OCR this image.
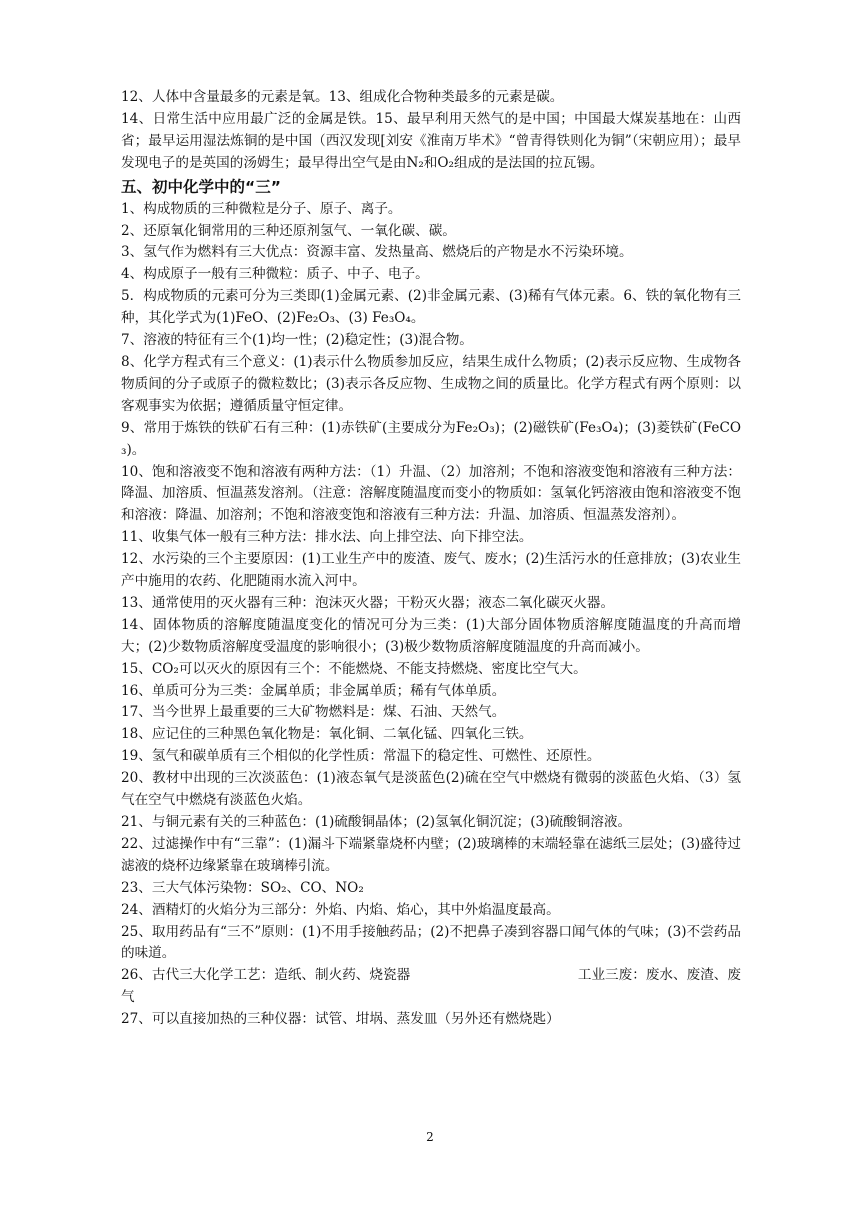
12、人体中含量最多的元素是氧。13、组成化合物种类最多的元素是碳。

14、日常生活中应用最广泛的金属是铁。15、最早利用天然气的是中国；中国最大煤炭基地在：山西省；最早运用湿法炼铜的是中国（西汉发现[刘安《淮南万毕术》“曾青得铁则化为铜”（宋朝应用）；最早发现电子的是英国的汤姆生；最早得出空气是由N₂和O₂组成的是法国的拉瓦锡。

五、初中化学中的“三”

1、构成物质的三种微粒是分子、原子、离子。

2、还原氧化铜常用的三种还原剂氢气、一氧化碳、碳。

3、氢气作为燃料有三大优点：资源丰富、发热量高、燃烧后的产物是水不污染环境。

4、构成原子一般有三种微粒：质子、中子、电子。

5．构成物质的元素可分为三类即(1)金属元素、(2)非金属元素、(3)稀有气体元素。6、铁的氧化物有三种，其化学式为(1)FeO、(2)Fe₂O₃、(3) Fe₃O₄。

7、溶液的特征有三个(1)均一性；(2)稳定性；(3)混合物。

8、化学方程式有三个意义：(1)表示什么物质参加反应，结果生成什么物质；(2)表示反应物、生成物各物质间的分子或原子的微粒数比；(3)表示各反应物、生成物之间的质量比。化学方程式有两个原则：以客观事实为依据；遵循质量守恒定律。

9、常用于炼铁的铁矿石有三种：(1)赤铁矿(主要成分为Fe₂O₃)；(2)磁铁矿(Fe₃O₄)；(3)菱铁矿(FeCO₃)。

10、饱和溶液变不饱和溶液有两种方法：（1）升温、（2）加溶剂；不饱和溶液变饱和溶液有三种方法：降温、加溶质、恒温蒸发溶剂。（注意：溶解度随温度而变小的物质如：氢氧化钙溶液由饱和溶液变不饱和溶液：降温、加溶剂；不饱和溶液变饱和溶液有三种方法：升温、加溶质、恒温蒸发溶剂）。

11、收集气体一般有三种方法：排水法、向上排空法、向下排空法。

12、水污染的三个主要原因：(1)工业生产中的废渣、废气、废水；(2)生活污水的任意排放；(3)农业生产中施用的农药、化肥随雨水流入河中。

13、通常使用的灭火器有三种：泡沫灭火器；干粉灭火器；液态二氧化碳灭火器。

14、固体物质的溶解度随温度变化的情况可分为三类：(1)大部分固体物质溶解度随温度的升高而增大；(2)少数物质溶解度受温度的影响很小；(3)极少数物质溶解度随温度的升高而减小。

15、CO₂可以灭火的原因有三个：不能燃烧、不能支持燃烧、密度比空气大。

16、单质可分为三类：金属单质；非金属单质；稀有气体单质。

17、当今世界上最重要的三大矿物燃料是：煤、石油、天然气。

18、应记住的三种黑色氧化物是：氧化铜、二氧化锰、四氧化三铁。

19、氢气和碳单质有三个相似的化学性质：常温下的稳定性、可燃性、还原性。

20、教材中出现的三次淡蓝色：(1)液态氧气是淡蓝色(2)硫在空气中燃烧有微弱的淡蓝色火焰、（3）氢气在空气中燃烧有淡蓝色火焰。

21、与铜元素有关的三种蓝色：(1)硫酸铜晶体；(2)氢氧化铜沉淀；(3)硫酸铜溶液。

22、过滤操作中有“三靠”：(1)漏斗下端紧靠烧杯内壁；(2)玻璃棒的末端轻靠在滤纸三层处；(3)盛待过滤液的烧杯边缘紧靠在玻璃棒引流。

23、三大气体污染物：SO₂、CO、NO₂

24、酒精灯的火焰分为三部分：外焰、内焰、焰心，其中外焰温度最高。

25、取用药品有“三不”原则：(1)不用手接触药品；(2)不把鼻子凑到容器口闻气体的气味；(3)不尝药品的味道。

26、古代三大化学工艺：造纸、制火药、烧瓷器	工业三废：废水、废渣、废

气

27、可以直接加热的三种仪器：试管、坩埚、蒸发皿（另外还有燃烧匙）

2
